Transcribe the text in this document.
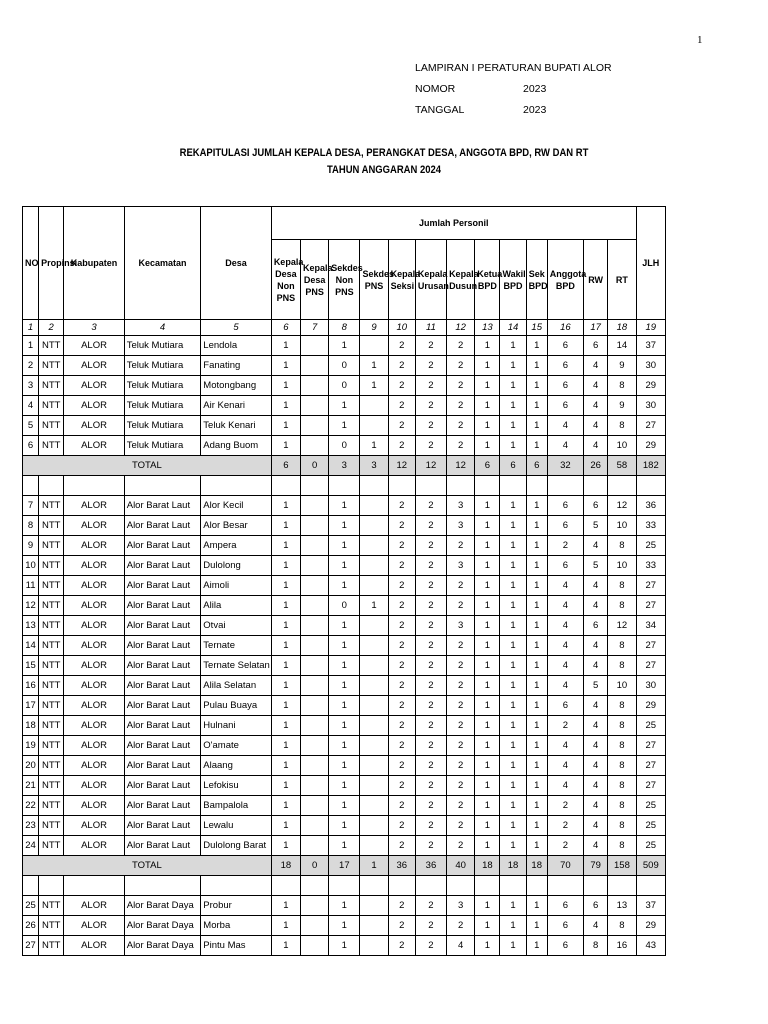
1
LAMPIRAN I PERATURAN BUPATI ALOR
NOMOR	2023
TANGGAL	2023
REKAPITULASI JUMLAH KEPALA DESA, PERANGKAT DESA, ANGGOTA BPD, RW DAN RT
TAHUN ANGGARAN 2024
NO	Propinsi	Kabupaten	Kecamatan	Desa	Jumlah Personil													JLH
					Kepala Desa Non PNS	Kepala Desa PNS	Sekdes Non PNS	Sekdes PNS	Kepala Seksi	Kepala Urusan	Kepala Dusun	Ketua BPD	Wakil BPD	Sek BPD	Anggota BPD	RW	RT	
1	2	3	4	5	6	7	8	9	10	11	12	13	14	15	16	17	18	19
1	NTT	ALOR	Teluk Mutiara	Lendola	1		1		2	2	2	1	1	1	6	6	14	37
2	NTT	ALOR	Teluk Mutiara	Fanating	1		0	1	2	2	2	1	1	1	6	4	9	30
3	NTT	ALOR	Teluk Mutiara	Motongbang	1		0	1	2	2	2	1	1	1	6	4	8	29
4	NTT	ALOR	Teluk Mutiara	Air Kenari	1		1		2	2	2	1	1	1	6	4	9	30
5	NTT	ALOR	Teluk Mutiara	Teluk Kenari	1		1		2	2	2	1	1	1	4	4	8	27
6	NTT	ALOR	Teluk Mutiara	Adang Buom	1		0	1	2	2	2	1	1	1	4	4	10	29
TOTAL					6	0	3	3	12	12	12	6	6	6	32	26	58	182

7	NTT	ALOR	Alor Barat Laut	Alor Kecil	1		1		2	2	3	1	1	1	6	6	12	36
8	NTT	ALOR	Alor Barat Laut	Alor Besar	1		1		2	2	3	1	1	1	6	5	10	33
9	NTT	ALOR	Alor Barat Laut	Ampera	1		1		2	2	2	1	1	1	2	4	8	25
10	NTT	ALOR	Alor Barat Laut	Dulolong	1		1		2	2	3	1	1	1	6	5	10	33
11	NTT	ALOR	Alor Barat Laut	Aimoli	1		1		2	2	2	1	1	1	4	4	8	27
12	NTT	ALOR	Alor Barat Laut	Alila	1		0	1	2	2	2	1	1	1	4	4	8	27
13	NTT	ALOR	Alor Barat Laut	Otvai	1		1		2	2	3	1	1	1	4	6	12	34
14	NTT	ALOR	Alor Barat Laut	Ternate	1		1		2	2	2	1	1	1	4	4	8	27
15	NTT	ALOR	Alor Barat Laut	Ternate Selatan	1		1		2	2	2	1	1	1	4	4	8	27
16	NTT	ALOR	Alor Barat Laut	Alila Selatan	1		1		2	2	2	1	1	1	4	5	10	30
17	NTT	ALOR	Alor Barat Laut	Pulau Buaya	1		1		2	2	2	1	1	1	6	4	8	29
18	NTT	ALOR	Alor Barat Laut	Hulnani	1		1		2	2	2	1	1	1	2	4	8	25
19	NTT	ALOR	Alor Barat Laut	O'amate	1		1		2	2	2	1	1	1	4	4	8	27
20	NTT	ALOR	Alor Barat Laut	Alaang	1		1		2	2	2	1	1	1	4	4	8	27
21	NTT	ALOR	Alor Barat Laut	Lefokisu	1		1		2	2	2	1	1	1	4	4	8	27
22	NTT	ALOR	Alor Barat Laut	Bampalola	1		1		2	2	2	1	1	1	2	4	8	25
23	NTT	ALOR	Alor Barat Laut	Lewalu	1		1		2	2	2	1	1	1	2	4	8	25
24	NTT	ALOR	Alor Barat Laut	Dulolong Barat	1		1		2	2	2	1	1	1	2	4	8	25
TOTAL					18	0	17	1	36	36	40	18	18	18	70	79	158	509

25	NTT	ALOR	Alor Barat Daya	Probur	1		1		2	2	3	1	1	1	6	6	13	37
26	NTT	ALOR	Alor Barat Daya	Morba	1		1		2	2	2	1	1	1	6	4	8	29
27	NTT	ALOR	Alor Barat Daya	Pintu Mas	1		1		2	2	4	1	1	1	6	8	16	43
